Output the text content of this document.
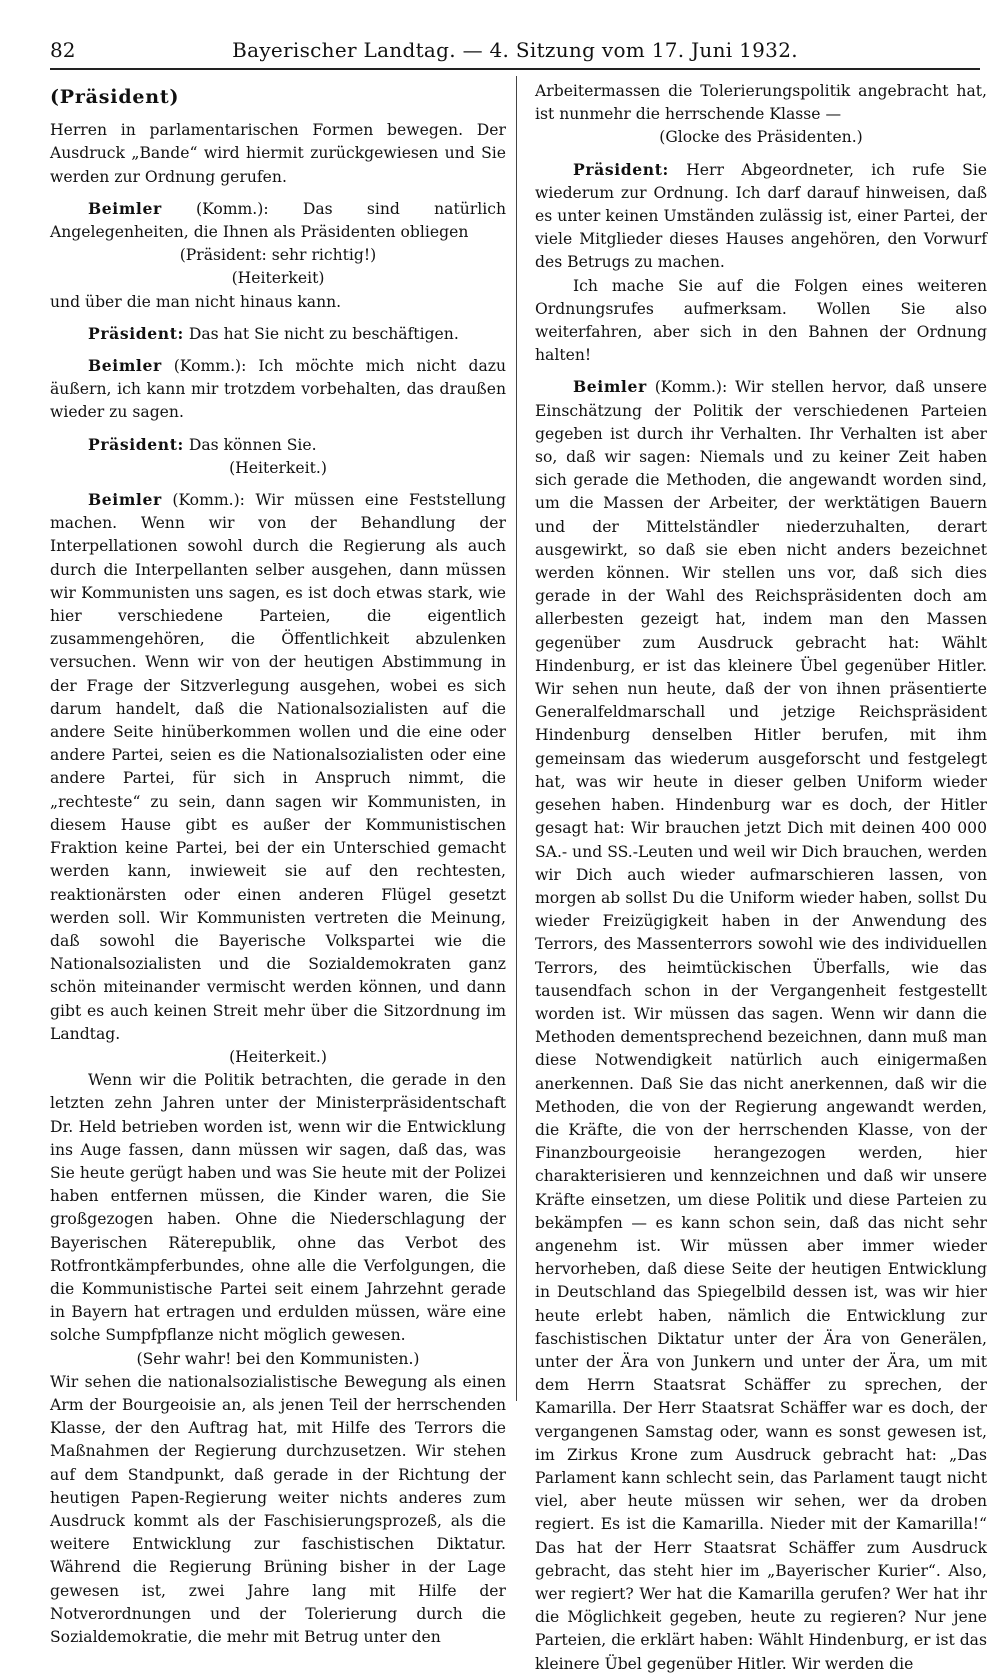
82	Bayerischer Landtag. — 4. Sitzung vom 17. Juni 1932.

(Präsident)

Herren in parlamentarischen Formen bewegen. Der Ausdruck „Bande“ wird hiermit zurückgewiesen und Sie werden zur Ordnung gerufen.

Beimler (Komm.): Das sind natürlich Angelegenheiten, die Ihnen als Präsidenten obliegen

(Präsident: sehr richtig!)

(Heiterkeit)

und über die man nicht hinaus kann.

Präsident: Das hat Sie nicht zu beschäftigen.

Beimler (Komm.): Ich möchte mich nicht dazu äußern, ich kann mir trotzdem vorbehalten, das draußen wieder zu sagen.

Präsident: Das können Sie.

(Heiterkeit.)

Beimler (Komm.): Wir müssen eine Feststellung machen. Wenn wir von der Behandlung der Interpellationen sowohl durch die Regierung als auch durch die Interpellanten selber ausgehen, dann müssen wir Kommunisten uns sagen, es ist doch etwas stark, wie hier verschiedene Parteien, die eigentlich zusammengehören, die Öffentlichkeit abzulenken versuchen. Wenn wir von der heutigen Abstimmung in der Frage der Sitzverlegung ausgehen, wobei es sich darum handelt, daß die Nationalsozialisten auf die andere Seite hinüberkommen wollen und die eine oder andere Partei, seien es die Nationalsozialisten oder eine andere Partei, für sich in Anspruch nimmt, die „rechteste“ zu sein, dann sagen wir Kommunisten, in diesem Hause gibt es außer der Kommunistischen Fraktion keine Partei, bei der ein Unterschied gemacht werden kann, inwieweit sie auf den rechtesten, reaktionärsten oder einen anderen Flügel gesetzt werden soll. Wir Kommunisten vertreten die Meinung, daß sowohl die Bayerische Volkspartei wie die Nationalsozialisten und die Sozialdemokraten ganz schön miteinander vermischt werden können, und dann gibt es auch keinen Streit mehr über die Sitzordnung im Landtag.

(Heiterkeit.)

Wenn wir die Politik betrachten, die gerade in den letzten zehn Jahren unter der Ministerpräsidentschaft Dr. Held betrieben worden ist, wenn wir die Entwicklung ins Auge fassen, dann müssen wir sagen, daß das, was Sie heute gerügt haben und was Sie heute mit der Polizei haben entfernen müssen, die Kinder waren, die Sie großgezogen haben. Ohne die Niederschlagung der Bayerischen Räterepublik, ohne das Verbot des Rotfrontkämpferbundes, ohne alle die Verfolgungen, die die Kommunistische Partei seit einem Jahrzehnt gerade in Bayern hat ertragen und erdulden müssen, wäre eine solche Sumpfpflanze nicht möglich gewesen.

(Sehr wahr! bei den Kommunisten.)

Wir sehen die nationalsozialistische Bewegung als einen Arm der Bourgeoisie an, als jenen Teil der herrschenden Klasse, der den Auftrag hat, mit Hilfe des Terrors die Maßnahmen der Regierung durchzusetzen. Wir stehen auf dem Standpunkt, daß gerade in der Richtung der heutigen Papen-Regierung weiter nichts anderes zum Ausdruck kommt als der Faschisierungsprozeß, als die weitere Entwicklung zur faschistischen Diktatur. Während die Regierung Brüning bisher in der Lage gewesen ist, zwei Jahre lang mit Hilfe der Notverordnungen und der Tolerierung durch die Sozialdemokratie, die mehr mit Betrug unter den

Arbeitermassen die Tolerierungspolitik angebracht hat, ist nunmehr die herrschende Klasse —

(Glocke des Präsidenten.)

Präsident: Herr Abgeordneter, ich rufe Sie wiederum zur Ordnung. Ich darf darauf hinweisen, daß es unter keinen Umständen zulässig ist, einer Partei, der viele Mitglieder dieses Hauses angehören, den Vorwurf des Betrugs zu machen.

Ich mache Sie auf die Folgen eines weiteren Ordnungsrufes aufmerksam. Wollen Sie also weiterfahren, aber sich in den Bahnen der Ordnung halten!

Beimler (Komm.): Wir stellen hervor, daß unsere Einschätzung der Politik der verschiedenen Parteien gegeben ist durch ihr Verhalten. Ihr Verhalten ist aber so, daß wir sagen: Niemals und zu keiner Zeit haben sich gerade die Methoden, die angewandt worden sind, um die Massen der Arbeiter, der werktätigen Bauern und der Mittelständler niederzuhalten, derart ausgewirkt, so daß sie eben nicht anders bezeichnet werden können. Wir stellen uns vor, daß sich dies gerade in der Wahl des Reichspräsidenten doch am allerbesten gezeigt hat, indem man den Massen gegenüber zum Ausdruck gebracht hat: Wählt Hindenburg, er ist das kleinere Übel gegenüber Hitler. Wir sehen nun heute, daß der von ihnen präsentierte Generalfeldmarschall und jetzige Reichspräsident Hindenburg denselben Hitler berufen, mit ihm gemeinsam das wiederum ausgeforscht und festgelegt hat, was wir heute in dieser gelben Uniform wieder gesehen haben. Hindenburg war es doch, der Hitler gesagt hat: Wir brauchen jetzt Dich mit deinen 400 000 SA.- und SS.-Leuten und weil wir Dich brauchen, werden wir Dich auch wieder aufmarschieren lassen, von morgen ab sollst Du die Uniform wieder haben, sollst Du wieder Freizügigkeit haben in der Anwendung des Terrors, des Massenterrors sowohl wie des individuellen Terrors, des heimtückischen Überfalls, wie das tausendfach schon in der Vergangenheit festgestellt worden ist. Wir müssen das sagen. Wenn wir dann die Methoden dementsprechend bezeichnen, dann muß man diese Notwendigkeit natürlich auch einigermaßen anerkennen. Daß Sie das nicht anerkennen, daß wir die Methoden, die von der Regierung angewandt werden, die Kräfte, die von der herrschenden Klasse, von der Finanzbourgeoisie herangezogen werden, hier charakterisieren und kennzeichnen und daß wir unsere Kräfte einsetzen, um diese Politik und diese Parteien zu bekämpfen — es kann schon sein, daß das nicht sehr angenehm ist. Wir müssen aber immer wieder hervorheben, daß diese Seite der heutigen Entwicklung in Deutschland das Spiegelbild dessen ist, was wir hier heute erlebt haben, nämlich die Entwicklung zur faschistischen Diktatur unter der Ära von Generälen, unter der Ära von Junkern und unter der Ära, um mit dem Herrn Staatsrat Schäffer zu sprechen, der Kamarilla. Der Herr Staatsrat Schäffer war es doch, der vergangenen Samstag oder, wann es sonst gewesen ist, im Zirkus Krone zum Ausdruck gebracht hat: „Das Parlament kann schlecht sein, das Parlament taugt nicht viel, aber heute müssen wir sehen, wer da droben regiert. Es ist die Kamarilla. Nieder mit der Kamarilla!“ Das hat der Herr Staatsrat Schäffer zum Ausdruck gebracht, das steht hier im „Bayerischer Kurier“. Also, wer regiert? Wer hat die Kamarilla gerufen? Wer hat ihr die Möglichkeit gegeben, heute zu regieren? Nur jene Parteien, die erklärt haben: Wählt Hindenburg, er ist das kleinere Übel gegenüber Hitler. Wir werden die
